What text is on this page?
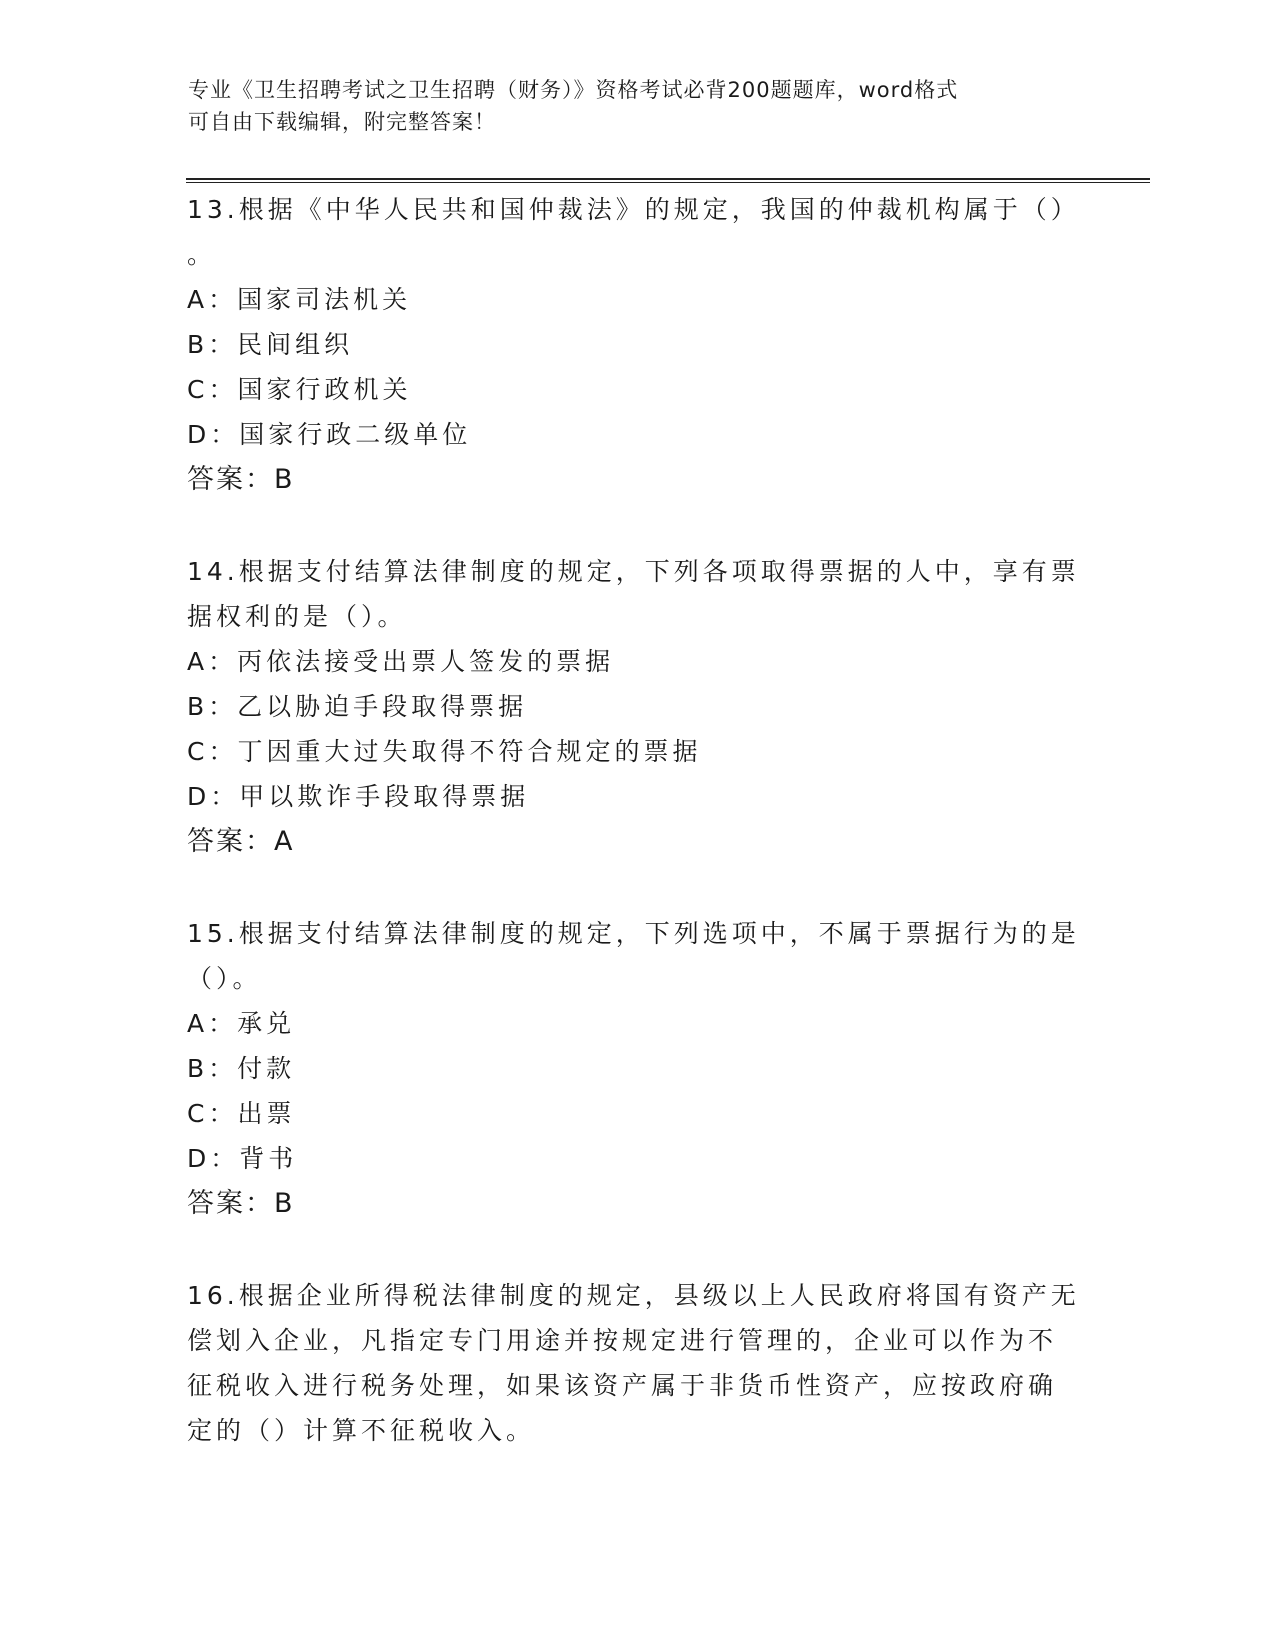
专业《卫生招聘考试之卫生招聘（财务）》资格考试必背200题题库，word格式
可自由下载编辑，附完整答案！

13.根据《中华人民共和国仲裁法》的规定，我国的仲裁机构属于（）

。

A：国家司法机关

B：民间组织

C：国家行政机关

D：国家行政二级单位

答案：B

14.根据支付结算法律制度的规定，下列各项取得票据的人中，享有票

据权利的是（）。

A：丙依法接受出票人签发的票据

B：乙以胁迫手段取得票据

C：丁因重大过失取得不符合规定的票据

D：甲以欺诈手段取得票据

答案：A

15.根据支付结算法律制度的规定，下列选项中，不属于票据行为的是

（）。

A：承兑

B：付款

C：出票

D：背书

答案：B

16.根据企业所得税法律制度的规定，县级以上人民政府将国有资产无

偿划入企业，凡指定专门用途并按规定进行管理的，企业可以作为不

征税收入进行税务处理，如果该资产属于非货币性资产，应按政府确

定的（）计算不征税收入。
